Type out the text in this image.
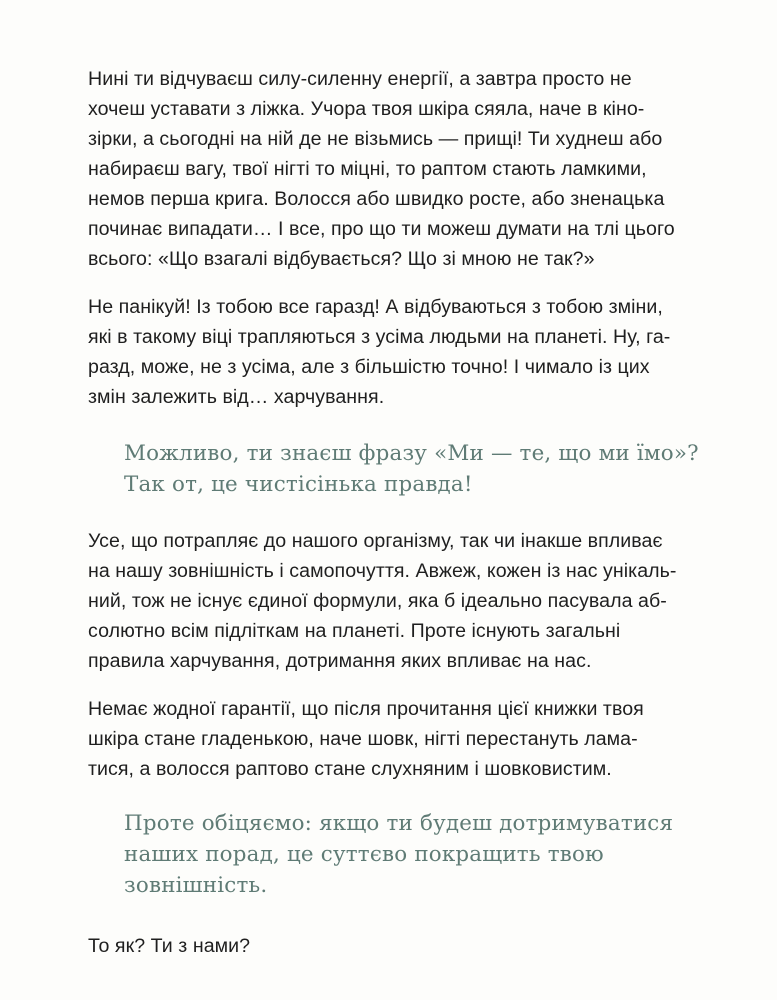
Нині ти відчуваєш силу-силенну енергії, а завтра просто не
хочеш уставати з ліжка. Учора твоя шкіра сяяла, наче в кіно-
зірки, а сьогодні на ній де не візьмись — прищі! Ти худнеш або
набираєш вагу, твої нігті то міцні, то раптом стають ламкими,
немов перша крига. Волосся або швидко росте, або зненацька
починає випадати… І все, про що ти можеш думати на тлі цього
всього: «Що взагалі відбувається? Що зі мною не так?»

Не панікуй! Із тобою все гаразд! А відбуваються з тобою зміни,
які в такому віці трапляються з усіма людьми на планеті. Ну, га-
разд, може, не з усіма, але з більшістю точно! І чимало із цих
змін залежить від… харчування.

Можливо, ти знаєш фразу «Ми — те, що ми їмо»?
Так от, це чистісінька правда!

Усе, що потрапляє до нашого організму, так чи інакше впливає
на нашу зовнішність і самопочуття. Авжеж, кожен із нас унікаль-
ний, тож не існує єдиної формули, яка б ідеально пасувала аб-
солютно всім підліткам на планеті. Проте існують загальні
правила харчування, дотримання яких впливає на нас.

Немає жодної гарантії, що після прочитання цієї книжки твоя
шкіра стане гладенькою, наче шовк, нігті перестануть лама-
тися, а волосся раптово стане слухняним і шовковистим.

Проте обіцяємо: якщо ти будеш дотримуватися
наших порад, це суттєво покращить твою
зовнішність.

То як? Ти з нами?
